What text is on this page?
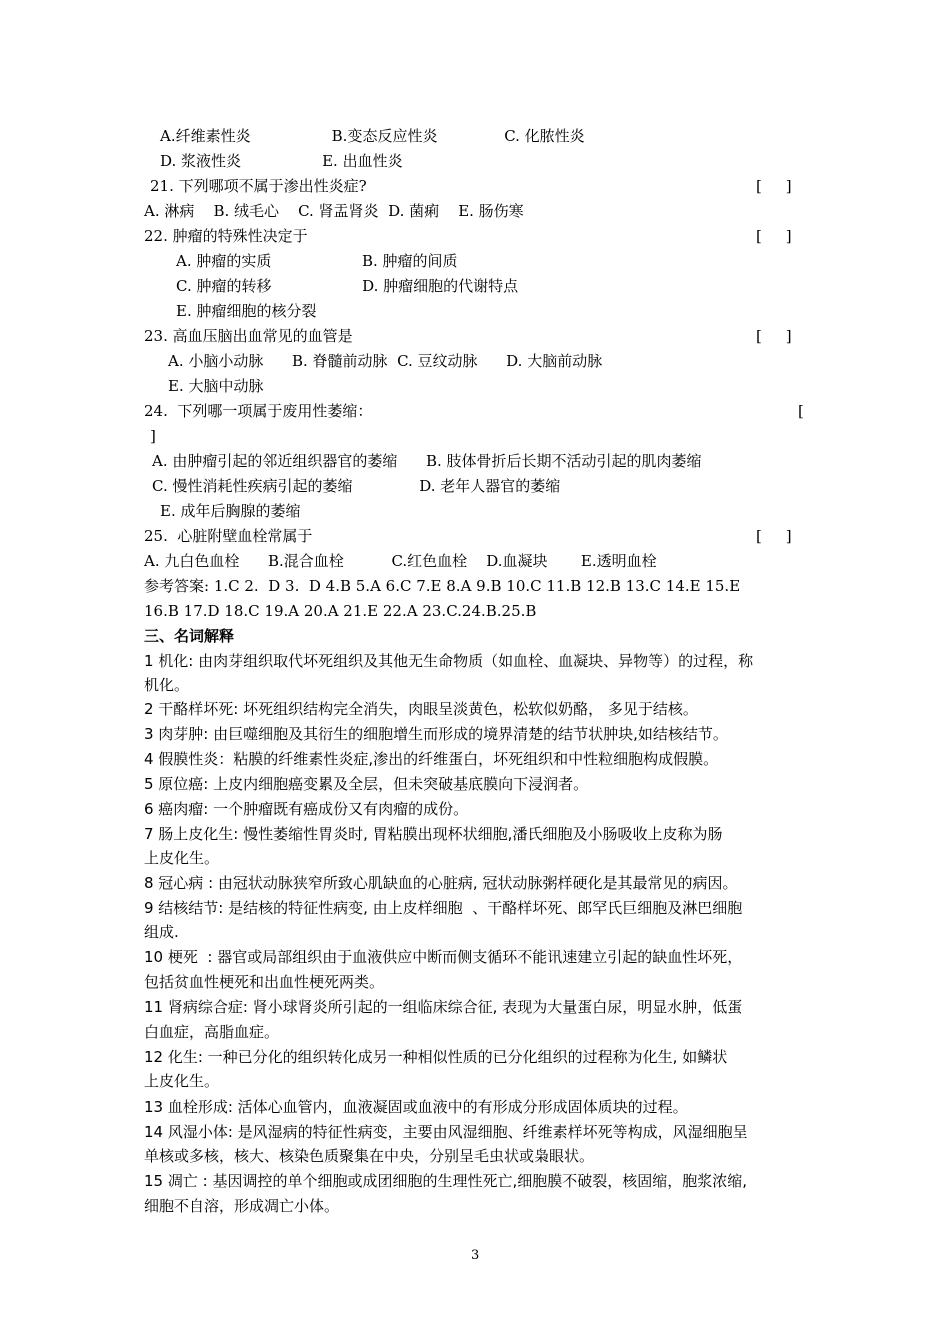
A.纤维素性炎                 B.变态反应性炎              C. 化脓性炎
D. 浆液性炎                 E. 出血性炎
21. 下列哪项不属于渗出性炎症?	[     ]
A. 淋病    B. 绒毛心    C. 肾盂肾炎  D. 菌痢    E. 肠伤寒
22. 肿瘤的特殊性决定于	[     ]
A. 肿瘤的实质                   B. 肿瘤的间质
C. 肿瘤的转移                   D. 肿瘤细胞的代谢特点
E. 肿瘤细胞的核分裂
23. 高血压脑出血常见的血管是	[     ]
A. 小脑小动脉      B. 脊髓前动脉  C. 豆纹动脉      D. 大脑前动脉
E. 大脑中动脉
24.  下列哪一项属于废用性萎缩：	[
]
A. 由肿瘤引起的邻近组织器官的萎缩      B. 肢体骨折后长期不活动引起的肌肉萎缩
C. 慢性消耗性疾病引起的萎缩              D. 老年人器官的萎缩
E. 成年后胸腺的萎缩
25.  心脏附壁血栓常属于	[     ]
A. 九白色血栓      B.混合血栓          C.红色血栓    D.血凝块       E.透明血栓
参考答案: 1.C 2.  D 3.  D 4.B 5.A 6.C 7.E 8.A 9.B 10.C 11.B 12.B 13.C 14.E 15.E
16.B 17.D 18.C 19.A 20.A 21.E 22.A 23.C.24.B.25.B
三、名词解释
1 机化: 由肉芽组织取代坏死组织及其他无生命物质（如血栓、血凝块、异物等）的过程，称
机化。
2 干酪样坏死: 坏死组织结构完全消失，肉眼呈淡黄色，松软似奶酪， 多见于结核。
3 肉芽肿: 由巨噬细胞及其衍生的细胞增生而形成的境界清楚的结节状肿块,如结核结节。
4 假膜性炎：粘膜的纤维素性炎症,渗出的纤维蛋白，坏死组织和中性粒细胞构成假膜。
5 原位癌: 上皮内细胞癌变累及全层，但未突破基底膜向下浸润者。
6 癌肉瘤: 一个肿瘤既有癌成份又有肉瘤的成份。
7 肠上皮化生: 慢性萎缩性胃炎时, 胃粘膜出现杯状细胞,潘氏细胞及小肠吸收上皮称为肠
上皮化生。
8 冠心病 : 由冠状动脉狭窄所致心肌缺血的心脏病, 冠状动脉粥样硬化是其最常见的病因。
9 结核结节: 是结核的特征性病变, 由上皮样细胞  、干酪样坏死、郎罕氏巨细胞及淋巴细胞
组成.
10 梗死  : 器官或局部组织由于血液供应中断而侧支循环不能讯速建立引起的缺血性坏死，
包括贫血性梗死和出血性梗死两类。
11 肾病综合症: 肾小球肾炎所引起的一组临床综合征, 表现为大量蛋白尿，明显水肿，低蛋
白血症，高脂血症。
12 化生: 一种已分化的组织转化成另一种相似性质的已分化组织的过程称为化生, 如鳞状
上皮化生。
13 血栓形成: 活体心血管内，血液凝固或血液中的有形成分形成固体质块的过程。
14 风湿小体: 是风湿病的特征性病变，主要由风湿细胞、纤维素样坏死等构成，风湿细胞呈
单核或多核，核大、核染色质聚集在中央，分别呈毛虫状或枭眼状。
15 凋亡 : 基因调控的单个细胞或成团细胞的生理性死亡,细胞膜不破裂，核固缩，胞浆浓缩,
细胞不自溶，形成凋亡小体。
3
